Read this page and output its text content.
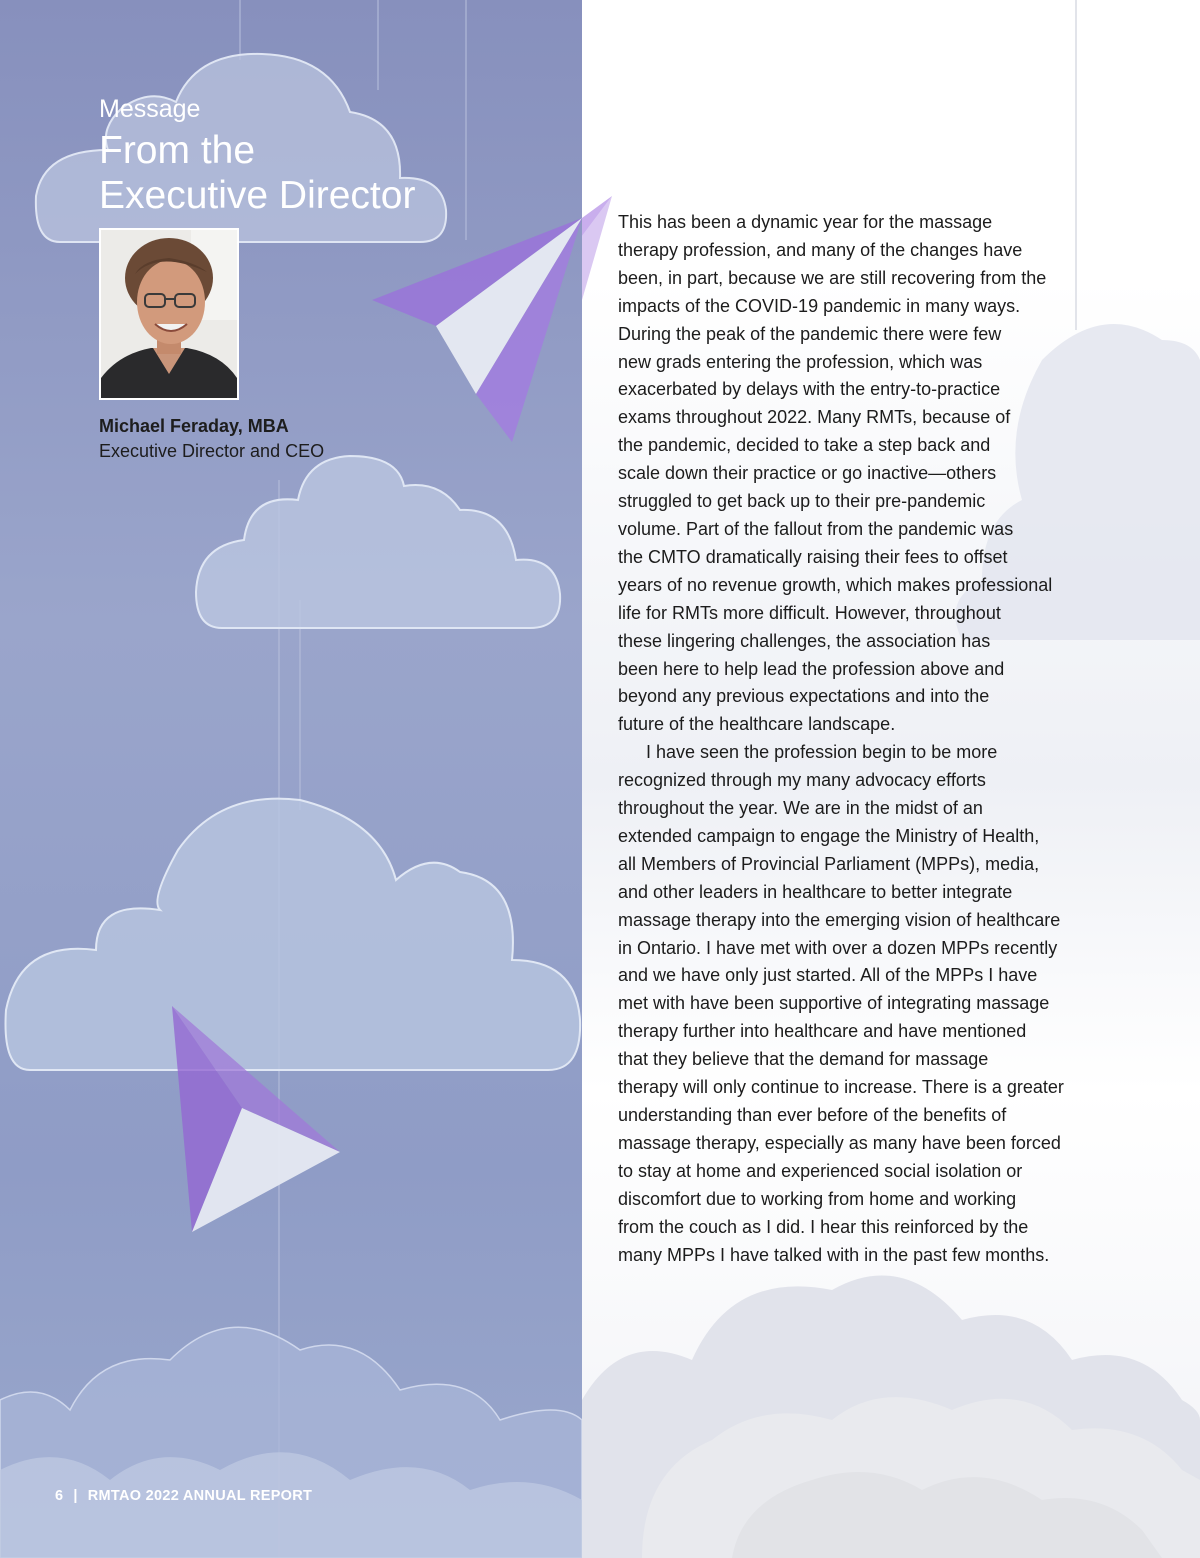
Message
From the
Executive Director

Michael Feraday, MBA

Executive Director and CEO

This has been a dynamic year for the massage
therapy profession, and many of the changes have
been, in part, because we are still recovering from the
impacts of the COVID-19 pandemic in many ways.
During the peak of the pandemic there were few
new grads entering the profession, which was
exacerbated by delays with the entry-to-practice
exams throughout 2022. Many RMTs, because of
the pandemic, decided to take a step back and
scale down their practice or go inactive—others
struggled to get back up to their pre-pandemic
volume. Part of the fallout from the pandemic was
the CMTO dramatically raising their fees to offset
years of no revenue growth, which makes professional
life for RMTs more difficult. However, throughout
these lingering challenges, the association has
been here to help lead the profession above and
beyond any previous expectations and into the
future of the healthcare landscape.
I have seen the profession begin to be more
recognized through my many advocacy efforts
throughout the year. We are in the midst of an
extended campaign to engage the Ministry of Health,
all Members of Provincial Parliament (MPPs), media,
and other leaders in healthcare to better integrate
massage therapy into the emerging vision of healthcare
in Ontario. I have met with over a dozen MPPs recently
and we have only just started. All of the MPPs I have
met with have been supportive of integrating massage
therapy further into healthcare and have mentioned
that they believe that the demand for massage
therapy will only continue to increase. There is a greater
understanding than ever before of the benefits of
massage therapy, especially as many have been forced
to stay at home and experienced social isolation or
discomfort due to working from home and working
from the couch as I did. I hear this reinforced by the
many MPPs I have talked with in the past few months.
6 | RMTAO 2022 ANNUAL REPORT
